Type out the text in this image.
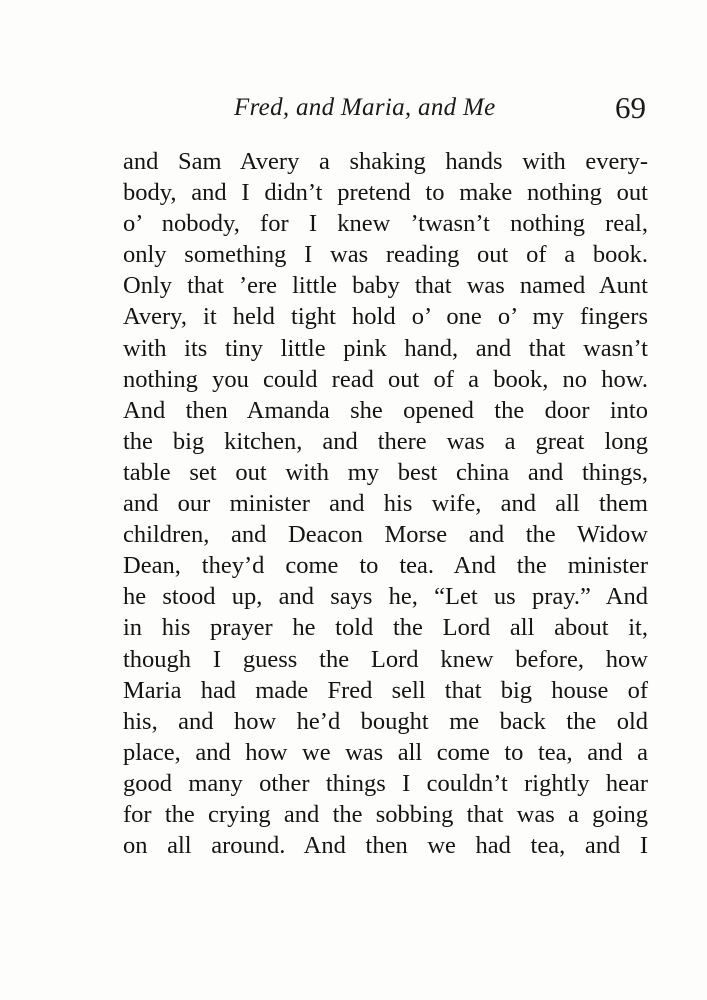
Fred, and Maria, and Me	69
and Sam Avery a shaking hands with every-
body, and I didn’t pretend to make nothing out
o’ nobody, for I knew ’twasn’t nothing real,
only something I was reading out of a book.
Only that ’ere little baby that was named Aunt
Avery, it held tight hold o’ one o’ my fingers
with its tiny little pink hand, and that wasn’t
nothing you could read out of a book, no how.
And then Amanda she opened the door into
the big kitchen, and there was a great long
table set out with my best china and things,
and our minister and his wife, and all them
children, and Deacon Morse and the Widow
Dean, they’d come to tea. And the minister
he stood up, and says he, “Let us pray.” And
in his prayer he told the Lord all about it,
though I guess the Lord knew before, how
Maria had made Fred sell that big house of
his, and how he’d bought me back the old
place, and how we was all come to tea, and a
good many other things I couldn’t rightly hear
for the crying and the sobbing that was a going
on all around. And then we had tea, and I
